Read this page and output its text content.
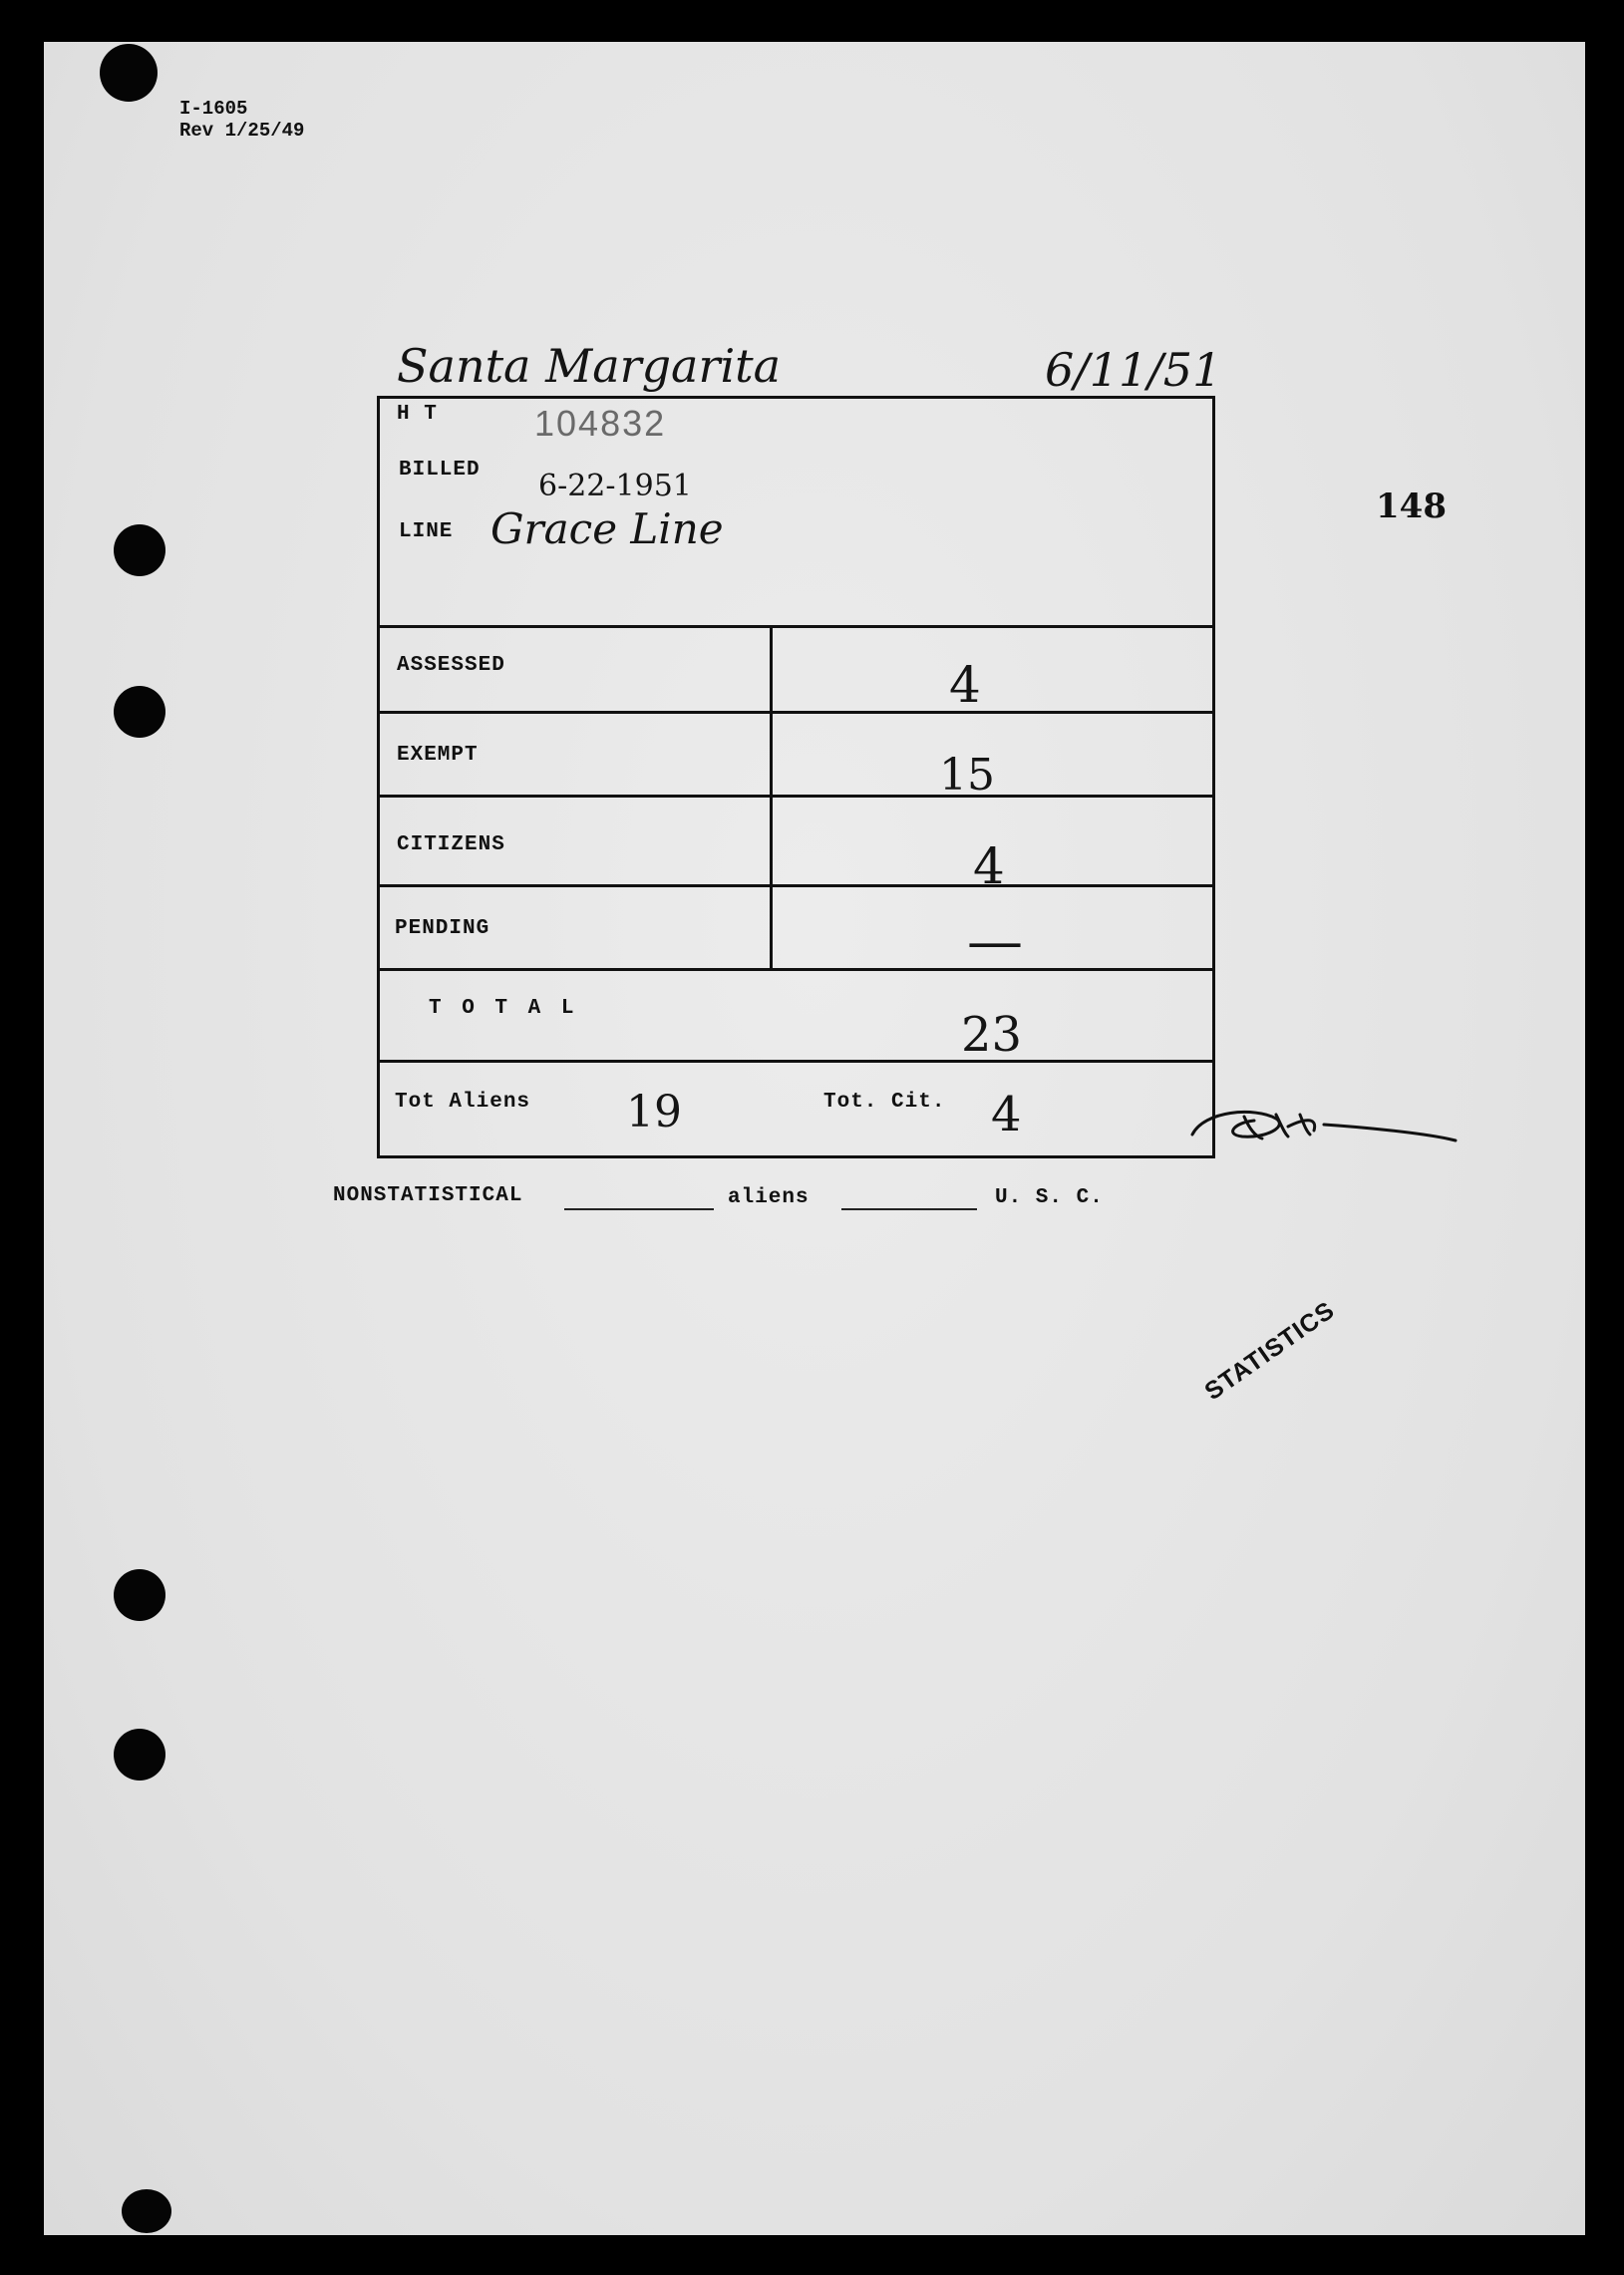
I-1605
Rev 1/25/49
Santa Margarita	6/11/51
148
H T	104832
BILLED 6-22-1951
LINE Grace Line
ASSESSED	4
EXEMPT	15
CITIZENS	4
PENDING	—
T O T A L	23
Tot Aliens 19	Tot. Cit. 4
NONSTATISTICAL	aliens	U. S. C.
STATISTICS
